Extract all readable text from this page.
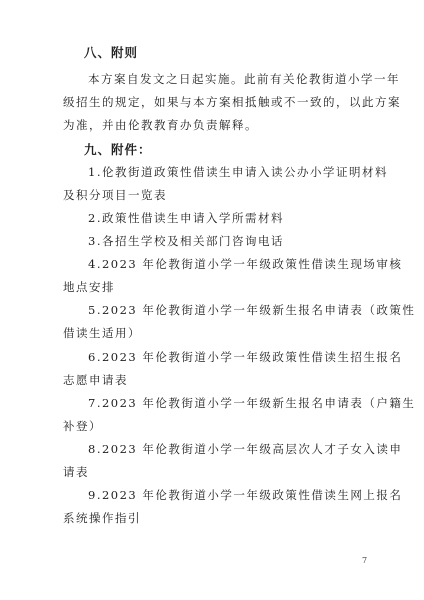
八、附则
本方案自发文之日起实施。此前有关伦教街道小学一年
级招生的规定，如果与本方案相抵触或不一致的，以此方案
为准，并由伦教教育办负责解释。
九、附件：
1.伦教街道政策性借读生申请入读公办小学证明材料
及积分项目一览表
2.政策性借读生申请入学所需材料
3.各招生学校及相关部门咨询电话
4.2023 年伦教街道小学一年级政策性借读生现场审核
地点安排
5.2023 年伦教街道小学一年级新生报名申请表（政策性
借读生适用）
6.2023 年伦教街道小学一年级政策性借读生招生报名
志愿申请表
7.2023 年伦教街道小学一年级新生报名申请表（户籍生
补登）
8.2023 年伦教街道小学一年级高层次人才子女入读申
请表
9.2023 年伦教街道小学一年级政策性借读生网上报名
系统操作指引
7
